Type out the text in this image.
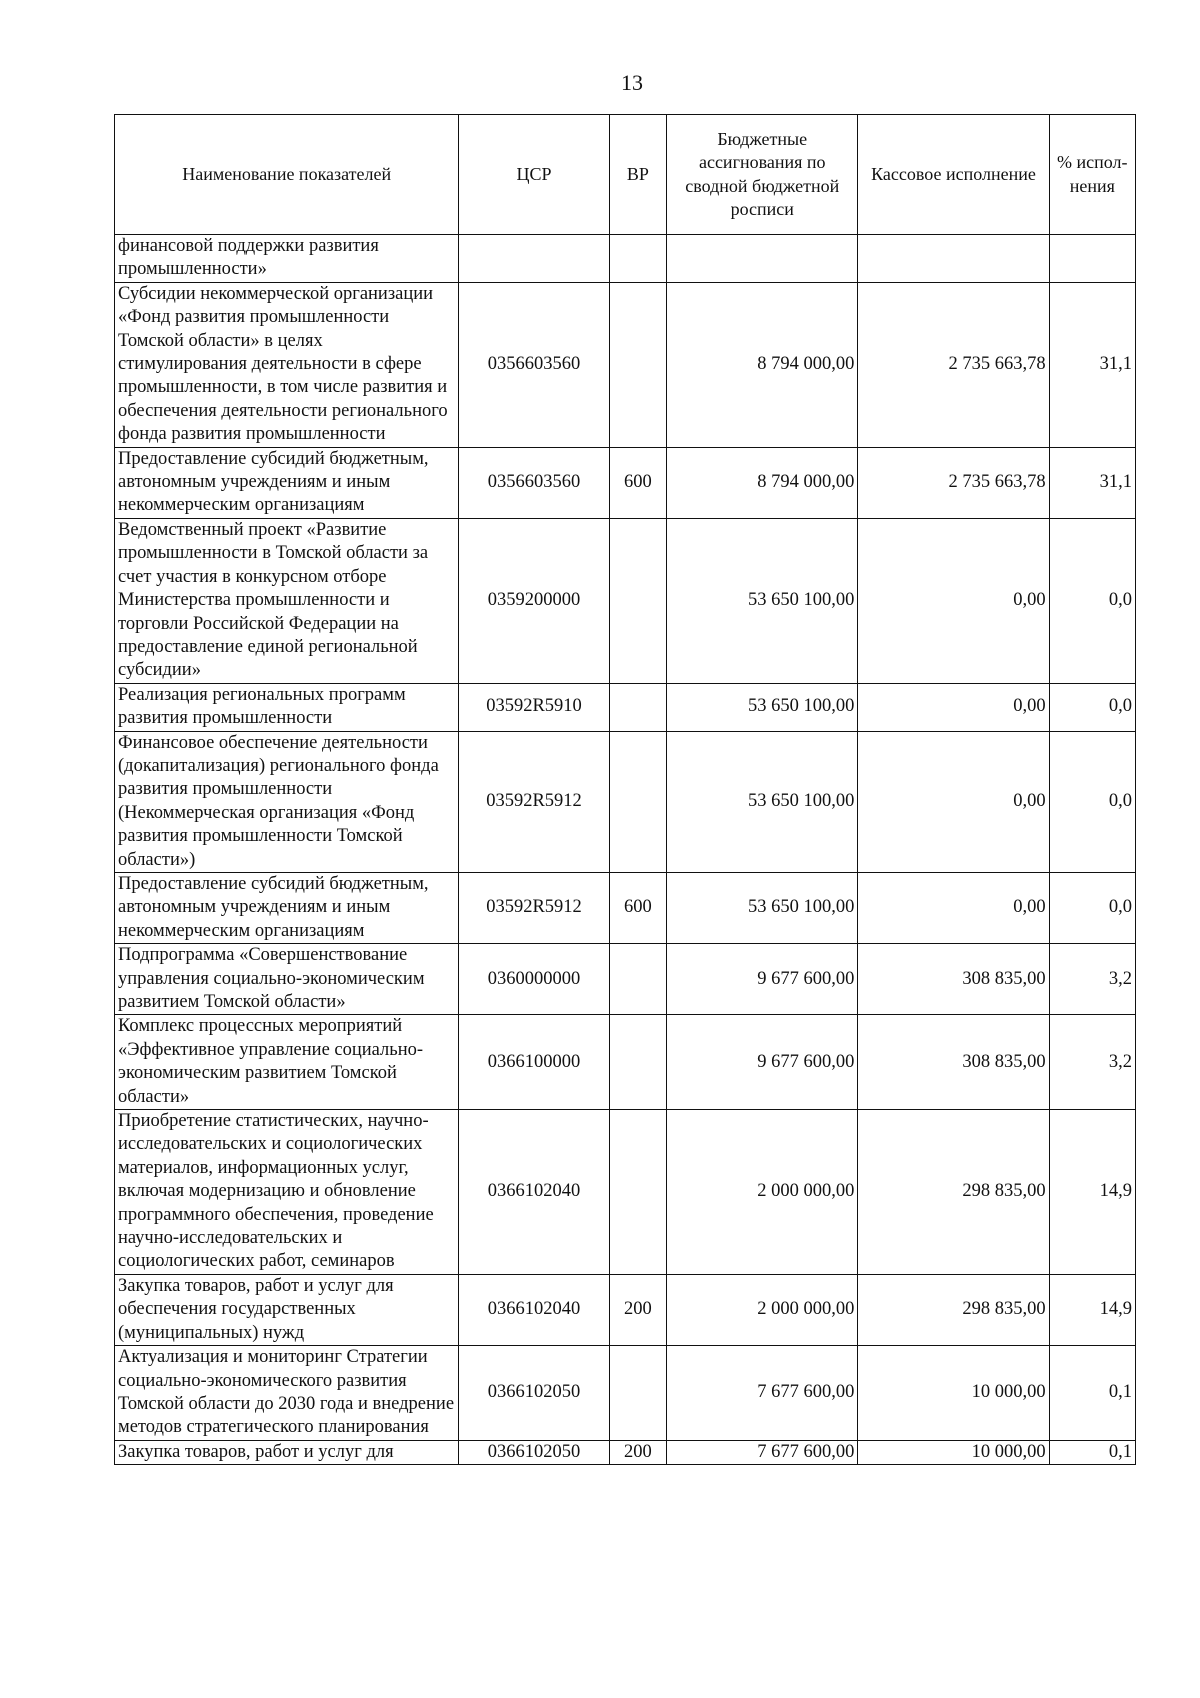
13
Наименование показателей	ЦСР	ВР	Бюджетные ассигнования по сводной бюджетной росписи	Кассовое исполнение	% испол-нения
финансовой поддержки развития промышленности»					
Субсидии некоммерческой организации «Фонд развития промышленности Томской области» в целях стимулирования деятельности в сфере промышленности, в том числе развития и обеспечения деятельности регионального фонда развития промышленности	0356603560		8 794 000,00	2 735 663,78	31,1
Предоставление субсидий бюджетным, автономным учреждениям и иным некоммерческим организациям	0356603560	600	8 794 000,00	2 735 663,78	31,1
Ведомственный проект «Развитие промышленности в Томской области за счет участия в конкурсном отборе Министерства промышленности и торговли Российской Федерации на предоставление единой региональной субсидии»	0359200000		53 650 100,00	0,00	0,0
Реализация региональных программ развития промышленности	03592R5910		53 650 100,00	0,00	0,0
Финансовое обеспечение деятельности (докапитализация) регионального фонда развития промышленности (Некоммерческая организация «Фонд развития промышленности Томской области»)	03592R5912		53 650 100,00	0,00	0,0
Предоставление субсидий бюджетным, автономным учреждениям и иным некоммерческим организациям	03592R5912	600	53 650 100,00	0,00	0,0
Подпрограмма «Совершенствование управления социально-экономическим развитием Томской области»	0360000000		9 677 600,00	308 835,00	3,2
Комплекс процессных мероприятий «Эффективное управление социально-экономическим развитием Томской области»	0366100000		9 677 600,00	308 835,00	3,2
Приобретение статистических, научно-исследовательских и социологических материалов, информационных услуг, включая модернизацию и обновление программного обеспечения, проведение научно-исследовательских и социологических работ, семинаров	0366102040		2 000 000,00	298 835,00	14,9
Закупка товаров, работ и услуг для обеспечения государственных (муниципальных) нужд	0366102040	200	2 000 000,00	298 835,00	14,9
Актуализация и мониторинг Стратегии социально-экономического развития Томской области до 2030 года и внедрение методов стратегического планирования	0366102050		7 677 600,00	10 000,00	0,1
Закупка товаров, работ и услуг для	0366102050	200	7 677 600,00	10 000,00	0,1
